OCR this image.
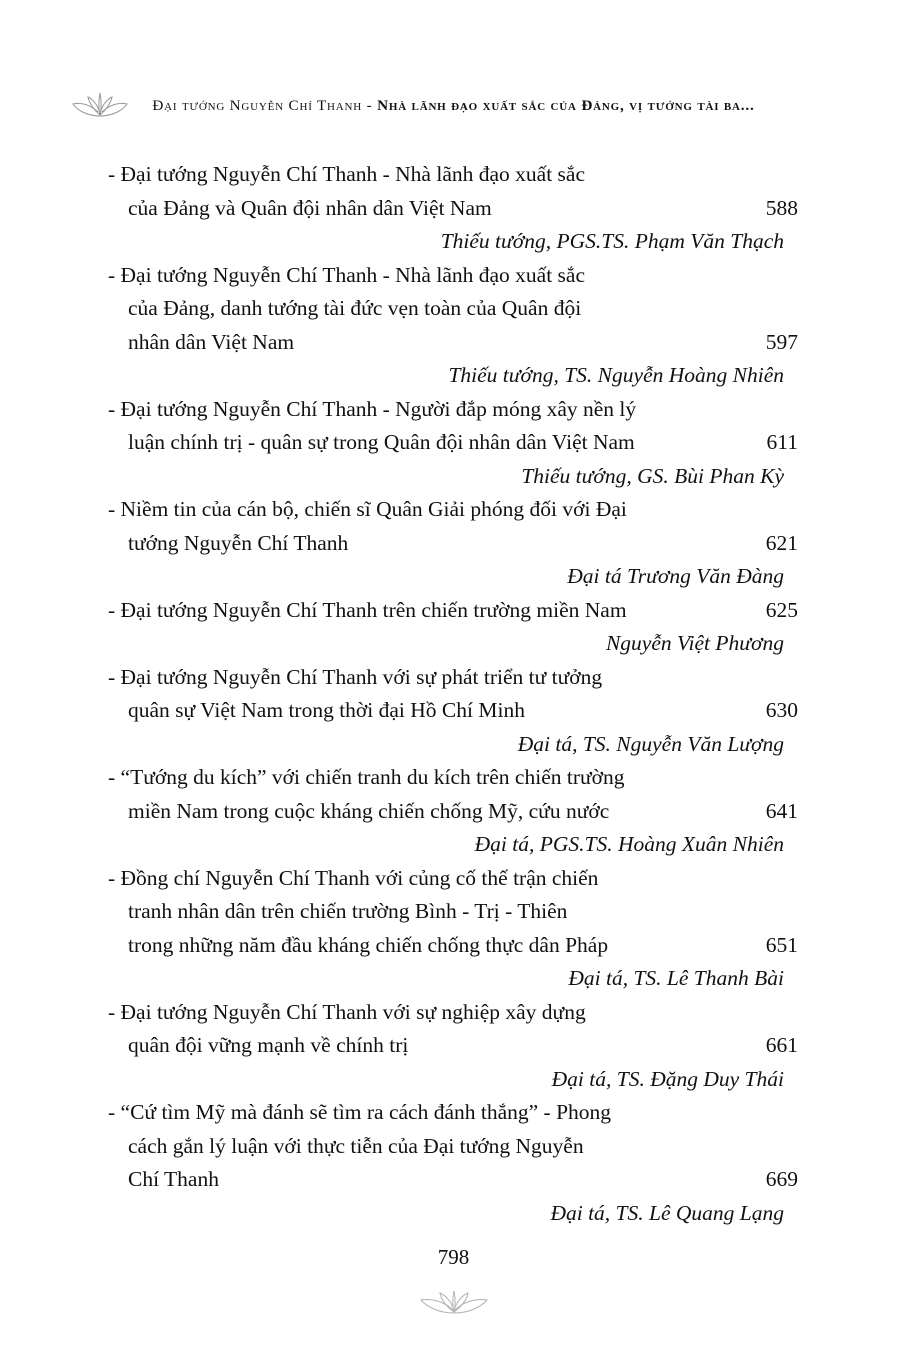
Đại tướng Nguyễn Chí Thanh - Nhà lãnh đạo xuất sắc của Đảng, vị tướng tài ba...
- Đại tướng Nguyễn Chí Thanh - Nhà lãnh đạo xuất sắc
của Đảng và Quân đội nhân dân Việt Nam	588
Thiếu tướng, PGS.TS. Phạm Văn Thạch
- Đại tướng Nguyễn Chí Thanh - Nhà lãnh đạo xuất sắc
của Đảng, danh tướng tài đức vẹn toàn của Quân đội
nhân dân Việt Nam	597
Thiếu tướng, TS. Nguyễn Hoàng Nhiên
- Đại tướng Nguyễn Chí Thanh - Người đắp móng xây nền lý
luận chính trị - quân sự trong Quân đội nhân dân Việt Nam	611
Thiếu tướng, GS. Bùi Phan Kỳ
- Niềm tin của cán bộ, chiến sĩ Quân Giải phóng đối với Đại
tướng Nguyễn Chí Thanh	621
Đại tá Trương Văn Đàng
- Đại tướng Nguyễn Chí Thanh trên chiến trường miền Nam	625
Nguyễn Việt Phương
- Đại tướng Nguyễn Chí Thanh với sự phát triển tư tưởng
quân sự Việt Nam trong thời đại Hồ Chí Minh	630
Đại tá, TS. Nguyễn Văn Lượng
- “Tướng du kích” với chiến tranh du kích trên chiến trường
miền Nam trong cuộc kháng chiến chống Mỹ, cứu nước	641
Đại tá, PGS.TS. Hoàng Xuân Nhiên
- Đồng chí Nguyễn Chí Thanh với củng cố thế trận chiến
tranh nhân dân trên chiến trường Bình - Trị - Thiên
trong những năm đầu kháng chiến chống thực dân Pháp	651
Đại tá, TS. Lê Thanh Bài
- Đại tướng Nguyễn Chí Thanh với sự nghiệp xây dựng
quân đội vững mạnh về chính trị	661
Đại tá, TS. Đặng Duy Thái
- “Cứ tìm Mỹ mà đánh sẽ tìm ra cách đánh thắng” - Phong
cách gắn lý luận với thực tiễn của Đại tướng Nguyễn
Chí Thanh	669
Đại tá, TS. Lê Quang Lạng
798
